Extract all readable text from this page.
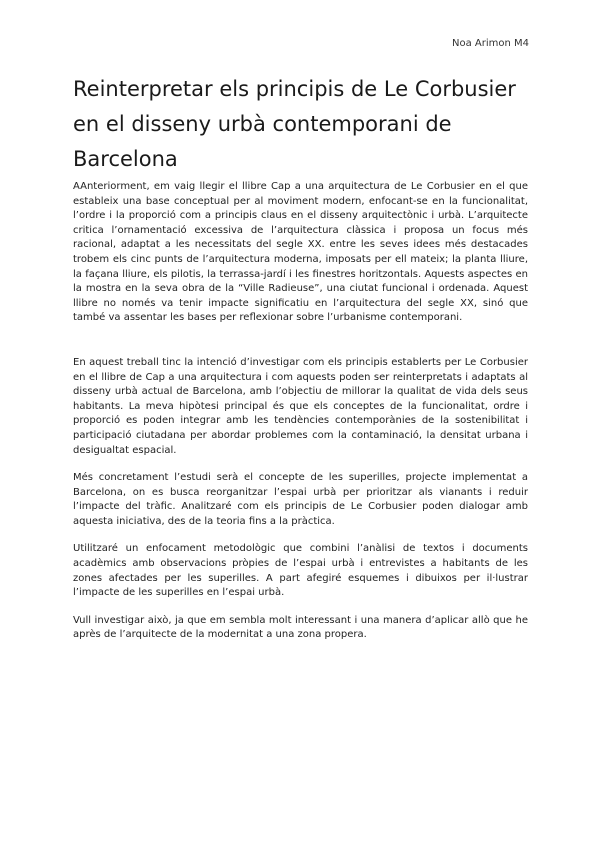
Noa Arimon M4
Reinterpretar els principis de Le Corbusier en el disseny urbà contemporani de Barcelona

AAnteriorment, em vaig llegir el llibre Cap a una arquitectura de Le Corbusier en el que estableix una base conceptual per al moviment modern, enfocant-se en la funcionalitat, l’ordre i la proporció com a principis claus en el disseny arquitectònic i urbà. L’arquitecte critica l’ornamentació excessiva de l’arquitectura clàssica i proposa un focus més racional, adaptat a les necessitats del segle XX. entre les seves idees més destacades trobem els cinc punts de l’arquitectura moderna, imposats per ell mateix; la planta lliure, la façana lliure, els pilotis, la terrassa-jardí i les finestres horitzontals. Aquests aspectes en la mostra en la seva obra de la “Ville Radieuse”, una ciutat funcional i ordenada. Aquest llibre no només va tenir impacte significatiu en l’arquitectura del segle XX, sinó que també va assentar les bases per reflexionar sobre l’urbanisme contemporani.

En aquest treball tinc la intenció d’investigar com els principis establerts per Le Corbusier en el llibre de Cap a una arquitectura i com aquests poden ser reinterpretats i adaptats al disseny urbà actual de Barcelona, amb l’objectiu de millorar la qualitat de vida dels seus habitants. La meva hipòtesi principal és que els conceptes de la funcionalitat, ordre i proporció es poden integrar amb les tendències contemporànies de la sostenibilitat i participació ciutadana per abordar problemes com la contaminació, la densitat urbana i desigualtat espacial.

Més concretament l’estudi serà el concepte de les superilles, projecte implementat a Barcelona, on es busca reorganitzar l’espai urbà per prioritzar als vianants i reduir l’impacte del tràfic. Analitzaré com els principis de Le Corbusier poden dialogar amb aquesta iniciativa, des de la teoria fins a la pràctica.

Utilitzaré un enfocament metodològic que combini l’anàlisi de textos i documents acadèmics amb observacions pròpies de l’espai urbà i entrevistes a habitants de les zones afectades per les superilles. A part afegiré esquemes i dibuixos per il·lustrar l’impacte de les superilles en l’espai urbà.

Vull investigar això, ja que em sembla molt interessant i una manera d’aplicar allò que he après de l’arquitecte de la modernitat a una zona propera.
